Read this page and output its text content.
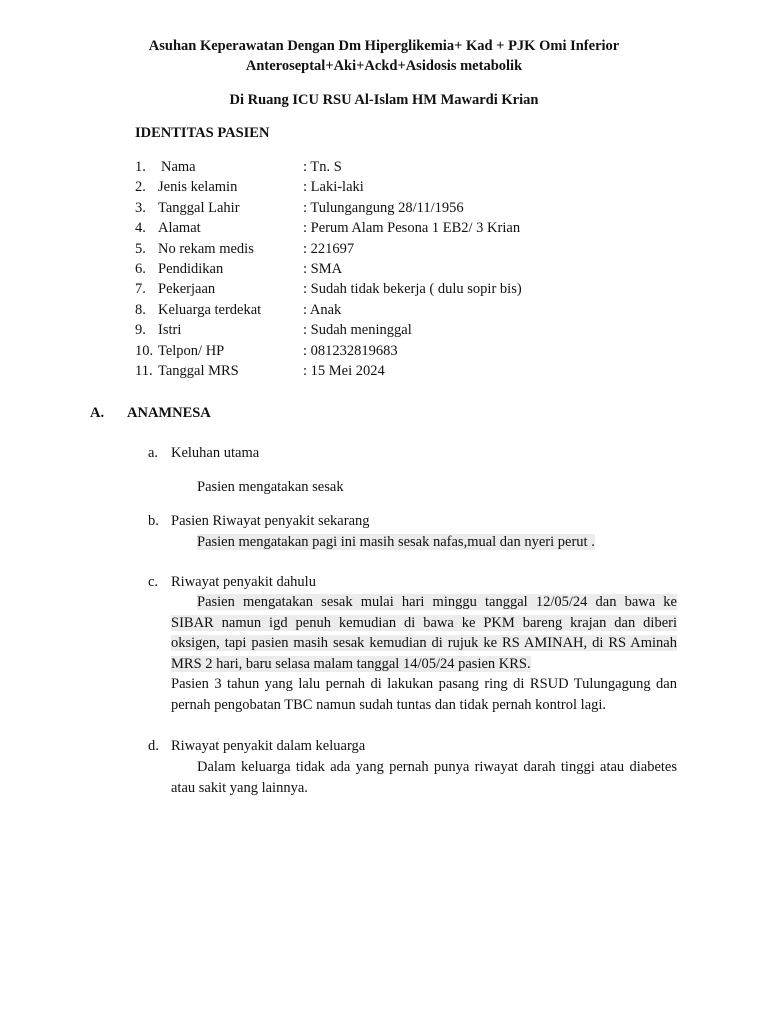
Asuhan Keperawatan Dengan Dm Hiperglikemia+ Kad + PJK Omi Inferior
Anteroseptal+Aki+Ackd+Asidosis metabolik
Di Ruang ICU RSU Al-Islam HM Mawardi Krian
IDENTITAS PASIEN
1. Nama	: Tn. S
2. Jenis kelamin	: Laki-laki
3. Tanggal Lahir	: Tulungangung 28/11/1956
4. Alamat	: Perum Alam Pesona 1 EB2/ 3 Krian
5. No rekam medis	: 221697
6. Pendidikan	: SMA
7. Pekerjaan	: Sudah tidak bekerja ( dulu sopir bis)
8. Keluarga terdekat	: Anak
9. Istri	: Sudah meninggal
10. Telpon/ HP	: 081232819683
11. Tanggal MRS	: 15 Mei 2024
A. ANAMNESA
a. Keluhan utama
Pasien mengatakan sesak
b. Pasien Riwayat penyakit sekarang
Pasien mengatakan pagi ini masih sesak nafas,mual dan nyeri perut .
c. Riwayat penyakit dahulu

Pasien mengatakan sesak mulai hari minggu tanggal 12/05/24 dan bawa ke SIBAR namun igd penuh kemudian di bawa ke PKM bareng krajan dan diberi oksigen, tapi pasien masih sesak kemudian di rujuk ke RS AMINAH, di RS Aminah MRS 2 hari, baru selasa malam tanggal 14/05/24 pasien KRS.

Pasien 3 tahun yang lalu pernah di lakukan pasang ring di RSUD Tulungagung dan pernah pengobatan TBC namun sudah tuntas dan tidak pernah kontrol lagi.

d. Riwayat penyakit dalam keluarga

Dalam keluarga tidak ada yang pernah punya riwayat darah tinggi atau diabetes atau sakit yang lainnya.
